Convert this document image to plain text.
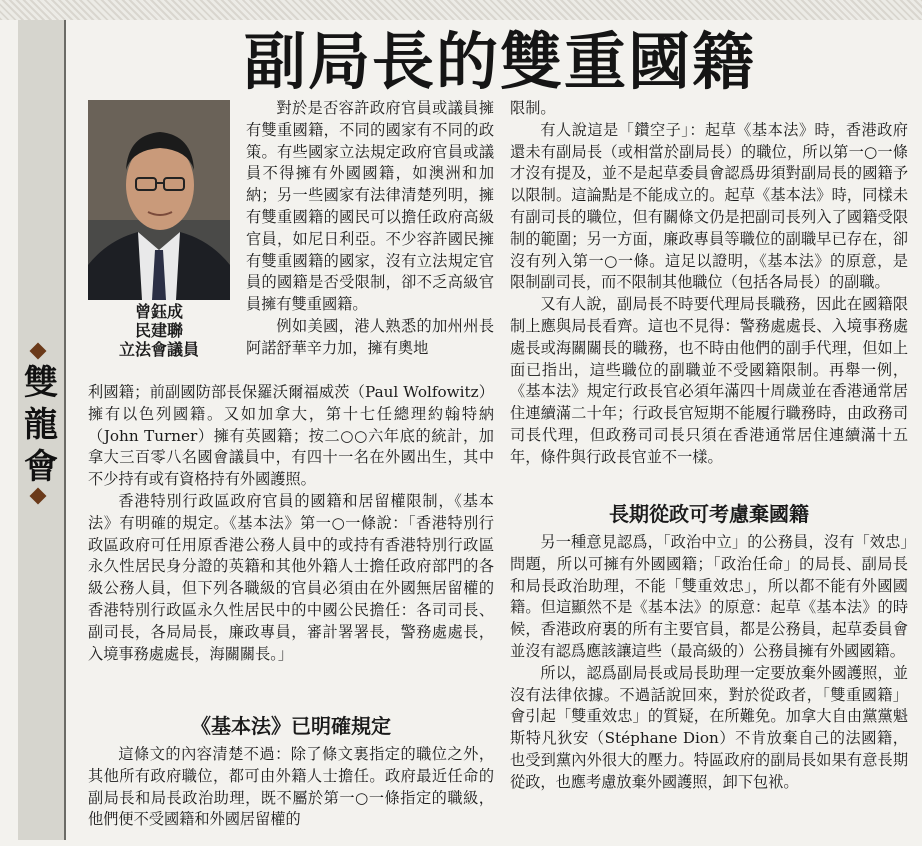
雙龍會
副局長的雙重國籍
曾鈺成
民建聯
立法會議員

對於是否容許政府官員或議員擁有雙重國籍，不同的國家有不同的政策。有些國家立法規定政府官員或議員不得擁有外國國籍，如澳洲和加納；另一些國家有法律清楚列明，擁有雙重國籍的國民可以擔任政府高級官員，如尼日利亞。不少容許國民擁有雙重國籍的國家，沒有立法規定官員的國籍是否受限制，卻不乏高級官員擁有雙重國籍。

例如美國，港人熟悉的加州州長阿諾舒華辛力加，擁有奧地

利國籍；前副國防部長保羅沃爾福威茨（Paul Wolfowitz）擁有以色列國籍。又如加拿大，第十七任總理約翰特納（John Turner）擁有英國籍；按二○○六年底的統計，加拿大三百零八名國會議員中，有四十一名在外國出生，其中不少持有或有資格持有外國護照。

香港特別行政區政府官員的國籍和居留權限制，《基本法》有明確的規定。《基本法》第一○一條說：「香港特別行政區政府可任用原香港公務人員中的或持有香港特別行政區永久性居民身分證的英籍和其他外籍人士擔任政府部門的各級公務人員，但下列各職級的官員必須由在外國無居留權的香港特別行政區永久性居民中的中國公民擔任：各司司長、副司長，各局局長，廉政專員，審計署署長，警務處處長，入境事務處處長，海關關長。」

《基本法》已明確規定

這條文的內容清楚不過：除了條文裏指定的職位之外，其他所有政府職位，都可由外籍人士擔任。政府最近任命的副局長和局長政治助理，既不屬於第一○一條指定的職級，他們便不受國籍和外國居留權的

限制。

有人說這是「鑽空子」：起草《基本法》時，香港政府還未有副局長（或相當於副局長）的職位，所以第一○一條才沒有提及，並不是起草委員會認爲毋須對副局長的國籍予以限制。這論點是不能成立的。起草《基本法》時，同樣未有副司長的職位，但有關條文仍是把副司長列入了國籍受限制的範圍；另一方面，廉政專員等職位的副職早已存在，卻沒有列入第一○一條。這足以證明，《基本法》的原意，是限制副司長，而不限制其他職位（包括各局長）的副職。

又有人說，副局長不時要代理局長職務，因此在國籍限制上應與局長看齊。這也不見得：警務處處長、入境事務處處長或海關關長的職務，也不時由他們的副手代理，但如上面已指出，這些職位的副職並不受國籍限制。再舉一例，《基本法》規定行政長官必須年滿四十周歲並在香港通常居住連續滿二十年；行政長官短期不能履行職務時，由政務司司長代理，但政務司司長只須在香港通常居住連續滿十五年，條件與行政長官並不一樣。

長期從政可考慮棄國籍

另一種意見認爲，「政治中立」的公務員，沒有「效忠」問題，所以可擁有外國國籍；「政治任命」的局長、副局長和局長政治助理，不能「雙重效忠」，所以都不能有外國國籍。但這顯然不是《基本法》的原意：起草《基本法》的時候，香港政府裏的所有主要官員，都是公務員，起草委員會並沒有認爲應該讓這些（最高級的）公務員擁有外國國籍。

所以，認爲副局長或局長助理一定要放棄外國護照，並沒有法律依據。不過話說回來，對於從政者，「雙重國籍」會引起「雙重效忠」的質疑，在所難免。加拿大自由黨黨魁斯特凡狄安（Stéphane Dion）不肯放棄自己的法國籍，也受到黨內外很大的壓力。特區政府的副局長如果有意長期從政，也應考慮放棄外國護照，卸下包袱。
